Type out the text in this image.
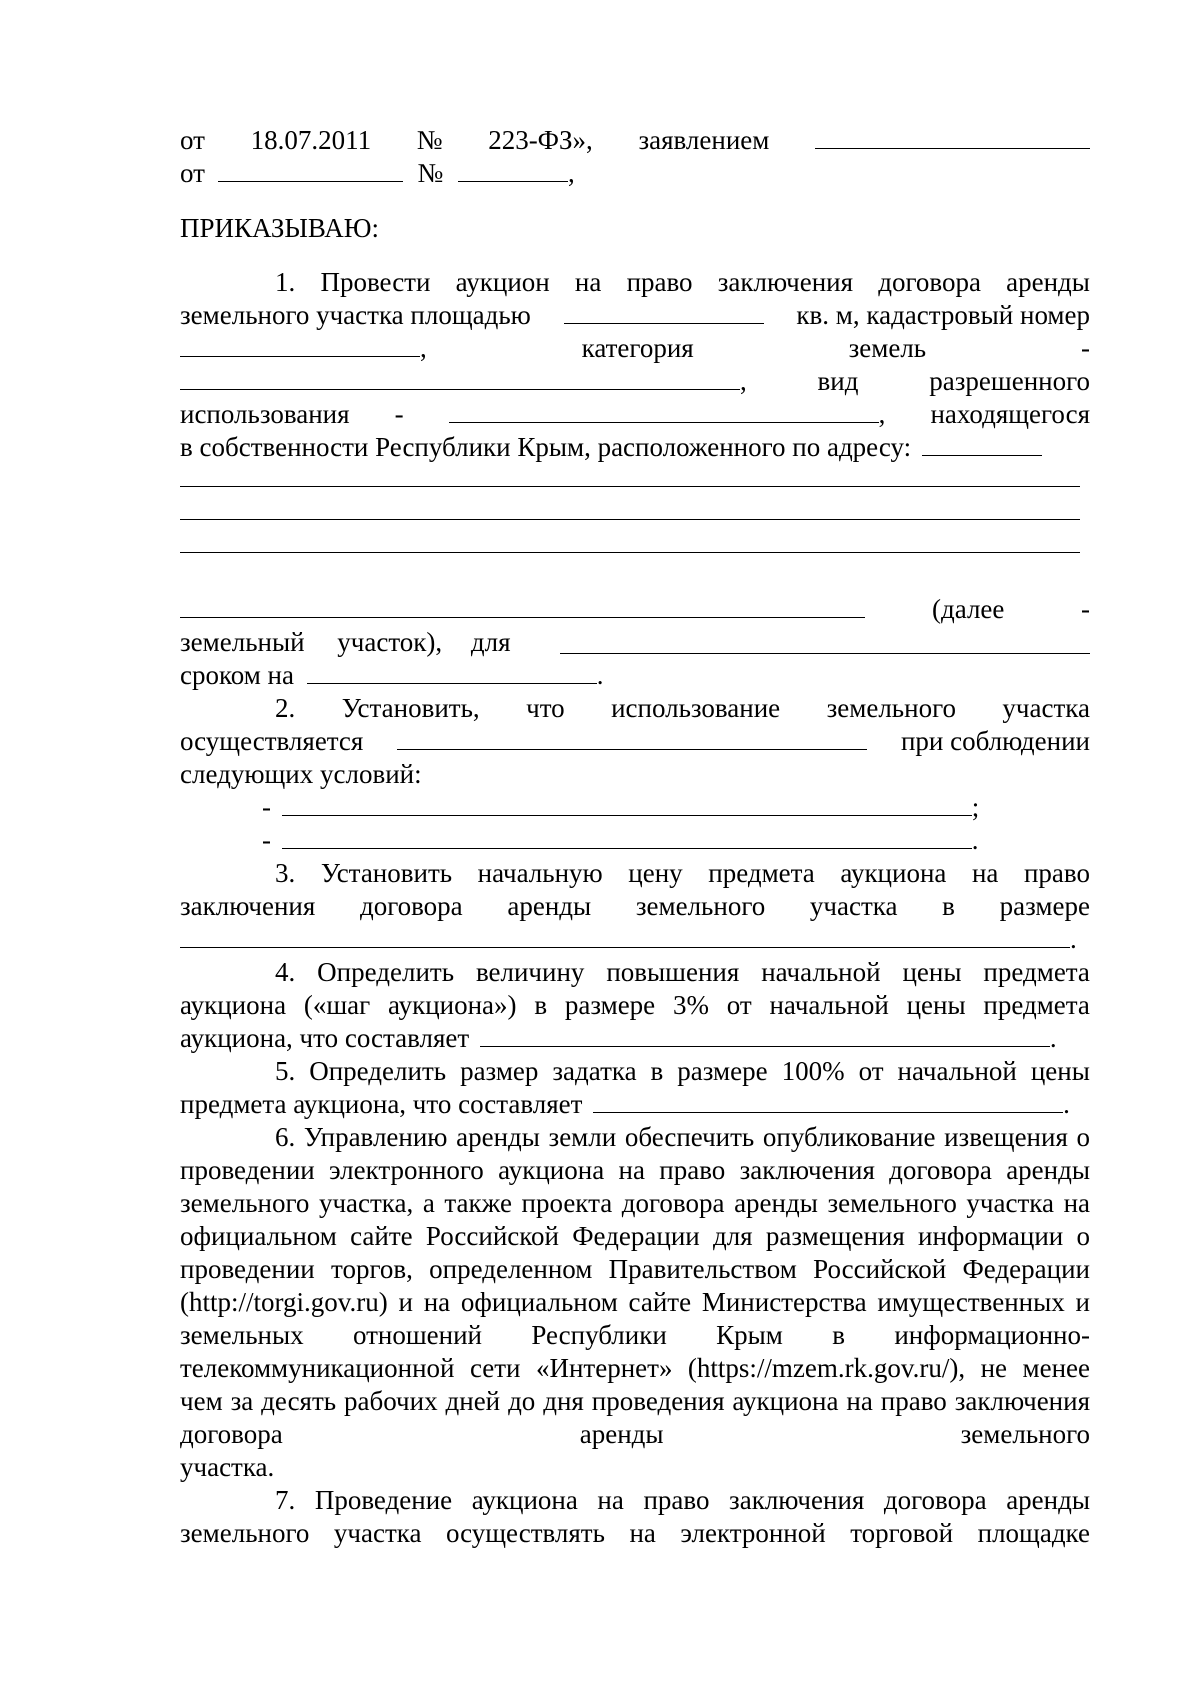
от 18.07.2011 № 223-ФЗ», заявлением
от	№	,
ПРИКАЗЫВАЮ:
1. Провести аукцион на право заключения договора аренды
земельного участка площадью	кв. м, кадастровый номер
,	категория	земель	-
,	вид	разрешенного
использования -	, находящегося
в собственности Республики Крым, расположенного по адресу:
(далее	-
земельный участок), для
сроком на	.
2. Установить, что использование земельного участка
осуществляется	при соблюдении
следующих условий:
-	;
-	.
3. Установить начальную цену предмета аукциона на право
заключения договора аренды земельного участка в размере
.
4. Определить величину повышения начальной цены предмета
аукциона («шаг аукциона») в размере 3% от начальной цены предмета
аукциона, что составляет	.
5. Определить размер задатка в размере 100% от начальной цены
предмета аукциона, что составляет	.
6. Управлению аренды земли обеспечить опубликование извещения о проведении электронного аукциона на право заключения договора аренды земельного участка, а также проекта договора аренды земельного участка на официальном сайте Российской Федерации для размещения информации о проведении торгов, определенном Правительством Российской Федерации (http://torgi.gov.ru) и на официальном сайте Министерства имущественных и земельных отношений Республики Крым в информационно-телекоммуникационной сети «Интернет» (https://mzem.rk.gov.ru/), не менее чем за десять рабочих дней до дня проведения аукциона на право заключения договора аренды земельного
участка.
7. Проведение аукциона на право заключения договора аренды
земельного участка осуществлять на электронной торговой площадке
